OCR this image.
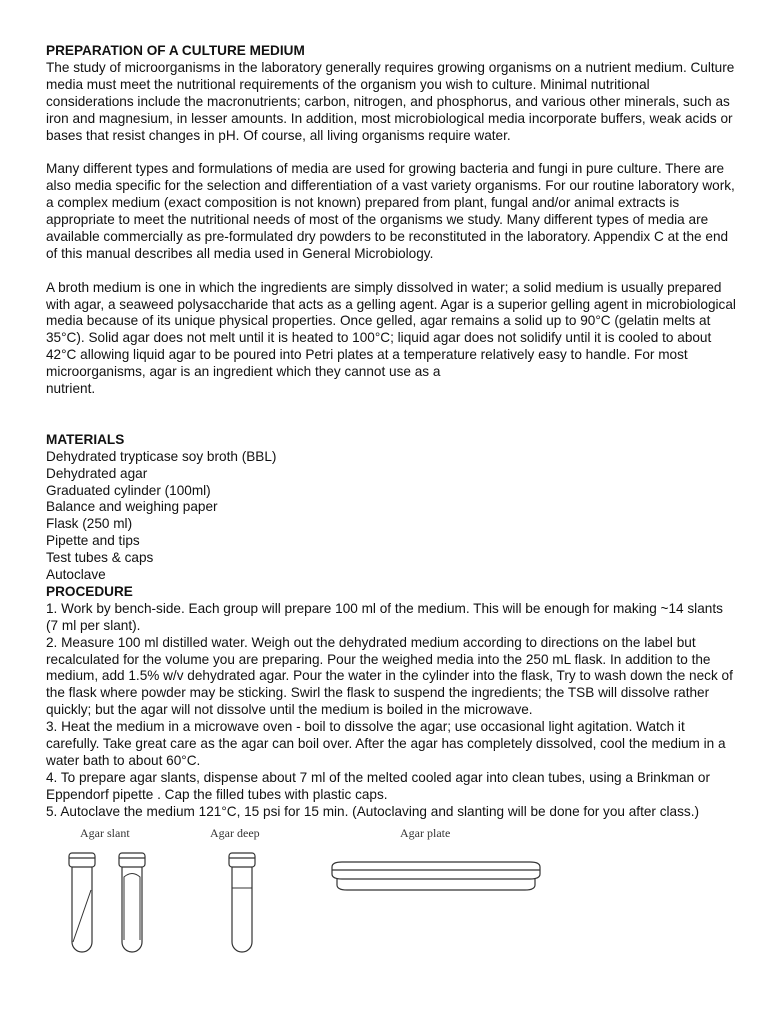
PREPARATION OF A CULTURE MEDIUM

The study of microorganisms in the laboratory generally requires growing organisms on a nutrient medium. Culture media must meet the nutritional requirements of the organism you wish to culture. Minimal nutritional considerations include the macronutrients; carbon, nitrogen, and phosphorus, and various other minerals, such as iron and magnesium, in lesser amounts. In addition, most microbiological media incorporate buffers, weak acids or bases that resist changes in pH. Of course, all living organisms require water.

Many different types and formulations of media are used for growing bacteria and fungi in pure culture. There are also media specific for the selection and differentiation of a vast variety organisms. For our routine laboratory work, a complex medium (exact composition is not known) prepared from plant, fungal and/or animal extracts is appropriate to meet the nutritional needs of most of the organisms we study. Many different types of media are available commercially as pre-formulated dry powders to be reconstituted in the laboratory. Appendix C at the end of this manual describes all media used in General Microbiology.

A broth medium is one in which the ingredients are simply dissolved in water; a solid medium is usually prepared with agar, a seaweed polysaccharide that acts as a gelling agent. Agar is a superior gelling agent in microbiological media because of its unique physical properties. Once gelled, agar remains a solid up to 90°C (gelatin melts at 35°C). Solid agar does not melt until it is heated to 100°C; liquid agar does not solidify until it is cooled to about 42°C allowing liquid agar to be poured into Petri plates at a temperature relatively easy to handle. For most microorganisms, agar is an ingredient which they cannot use as a

nutrient.

MATERIALS

Dehydrated trypticase soy broth (BBL)
Dehydrated agar
Graduated cylinder (100ml)
Balance and weighing paper
Flask (250 ml)
Pipette and tips
Test tubes & caps
Autoclave

PROCEDURE

1. Work by bench-side. Each group will prepare 100 ml of the medium. This will be enough for making ~14 slants (7 ml per slant).

2. Measure 100 ml distilled water. Weigh out the dehydrated medium according to directions on the label but recalculated for the volume you are preparing. Pour the weighed media into the 250 mL flask. In addition to the medium, add 1.5% w/v dehydrated agar. Pour the water in the cylinder into the flask, Try to wash down the neck of the flask where powder may be sticking. Swirl the flask to suspend the ingredients; the TSB will dissolve rather quickly; but the agar will not dissolve until the medium is boiled in the microwave.

3. Heat the medium in a microwave oven - boil to dissolve the agar; use occasional light agitation. Watch it carefully. Take great care as the agar can boil over. After the agar has completely dissolved, cool the medium in a water bath to about 60°C.

4. To prepare agar slants, dispense about 7 ml of the melted cooled agar into clean tubes, using a Brinkman or Eppendorf pipette . Cap the filled tubes with plastic caps.

5. Autoclave the medium 121°C, 15 psi for 15 min. (Autoclaving and slanting will be done for you after class.)

Agar slant	Agar deep	Agar plate
